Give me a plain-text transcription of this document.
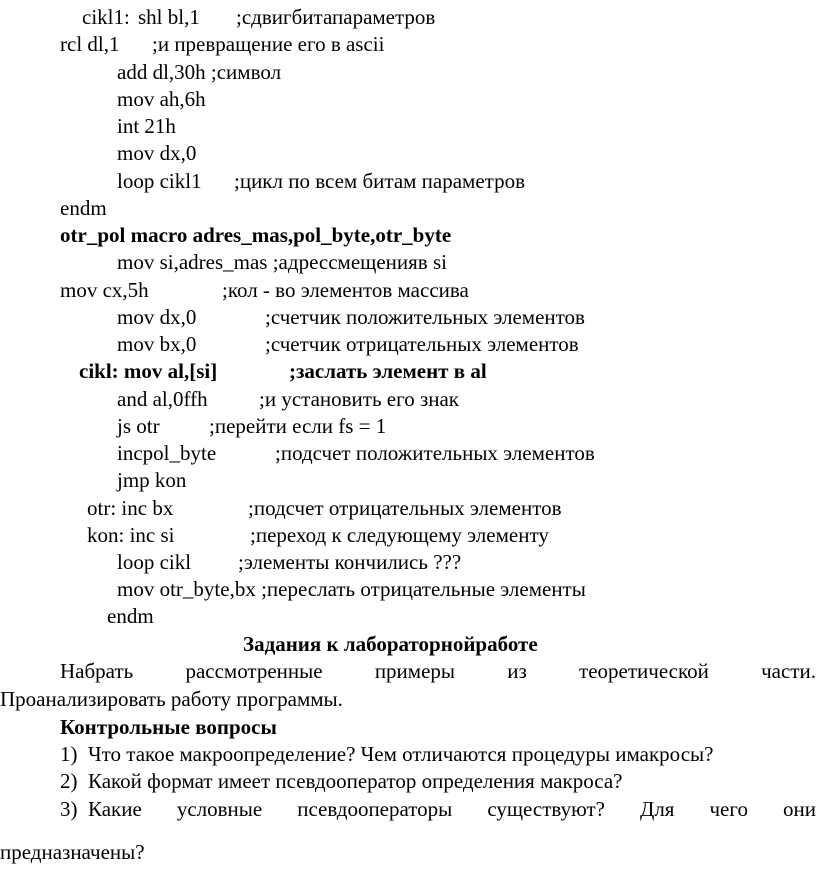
cikl1: shl bl,1 ;сдвигбитапараметров
rcl dl,1 ;и превращение его в ascii
add dl,30h ;символ
mov ah,6h
int 21h
mov dx,0
loop cikl1 ;цикл по всем битам параметров
endm
otr_pol macro adres_mas,pol_byte,otr_byte
mov si,adres_mas ;адрессмещенияв si
mov cx,5h	;кол - во элементов массива
mov dx,0	;счетчик положительных элементов
mov bx,0	;счетчик отрицательных элементов
cikl: mov al,[si]	;заслать элемент в al
and al,0ffh ;и установить его знак
js otr ;перейти если fs = 1
incpol_byte	;подсчет положительных элементов
jmp kon
otr: inc bx	;подсчет отрицательных элементов
kon: inc si	;переход к следующему элементу
loop cikl ;элементы кончились ???
mov otr_byte,bx ;переслать отрицательные элементы
endm
Задания к лабораторнойработе
Набрать рассмотренные примеры из теоретической части.
Проанализировать работу программы.
Контрольные вопросы
1) Что такое макроопределение? Чем отличаются процедуры имакросы?
2) Какой формат имеет псевдооператор определения макроса?
3) Какие условные псевдооператоры существуют? Для чего они
предназначены?
